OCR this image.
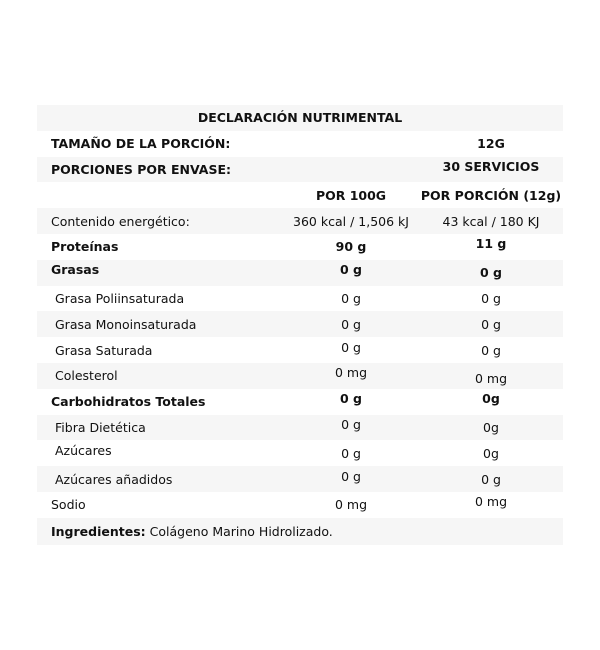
DECLARACIÓN NUTRIMENTAL
TAMAÑO DE LA PORCIÓN:	12G
PORCIONES POR ENVASE:	30 SERVICIOS
POR 100G	POR PORCIÓN (12g)
Contenido energético:	360 kcal / 1,506 kJ	43 kcal / 180 KJ
Proteínas	90 g	11 g
Grasas	0 g	0 g
Grasa Poliinsaturada	0 g	0 g
Grasa Monoinsaturada	0 g	0 g
Grasa Saturada	0 g	0 g
Colesterol	0 mg	0 mg
Carbohidratos Totales	0 g	0g
Fibra Dietética	0 g	0g
Azúcares	0 g	0g
Azúcares añadidos	0 g	0 g
Sodio	0 mg	0 mg
Ingredientes: Colágeno Marino Hidrolizado.
